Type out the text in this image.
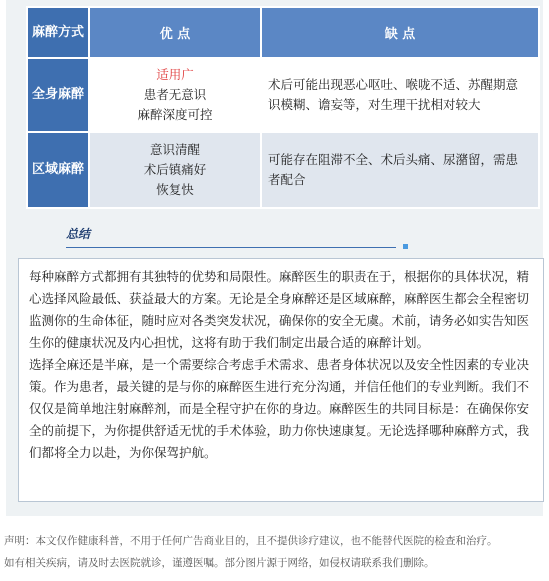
麻醉方式	优 点	缺 点
全身麻醉	适用广
患者无意识
麻醉深度可控	术后可能出现恶心呕吐、喉咙不适、苏醒期意识模糊、谵妄等，对生理干扰相对较大
区域麻醉	意识清醒
术后镇痛好
恢复快	可能存在阻滞不全、术后头痛、尿潴留，需患者配合
总结

每种麻醉方式都拥有其独特的优势和局限性。麻醉医生的职责在于，根据你的具体状况，精心选择风险最低、获益最大的方案。无论是全身麻醉还是区域麻醉，麻醉医生都会全程密切监测你的生命体征，随时应对各类突发状况，确保你的安全无虞。术前，请务必如实告知医生你的健康状况及内心担忧，这将有助于我们制定出最合适的麻醉计划。

选择全麻还是半麻，是一个需要综合考虑手术需求、患者身体状况以及安全性因素的专业决策。作为患者，最关键的是与你的麻醉医生进行充分沟通，并信任他们的专业判断。我们不仅仅是简单地注射麻醉剂，而是全程守护在你的身边。麻醉医生的共同目标是：在确保你安全的前提下，为你提供舒适无忧的手术体验，助力你快速康复。无论选择哪种麻醉方式，我们都将全力以赴，为你保驾护航。

声明：本文仅作健康科普，不用于任何广告商业目的，且不提供诊疗建议，也不能替代医院的检查和治疗。
如有相关疾病，请及时去医院就诊，谨遵医嘱。部分图片源于网络，如侵权请联系我们删除。
